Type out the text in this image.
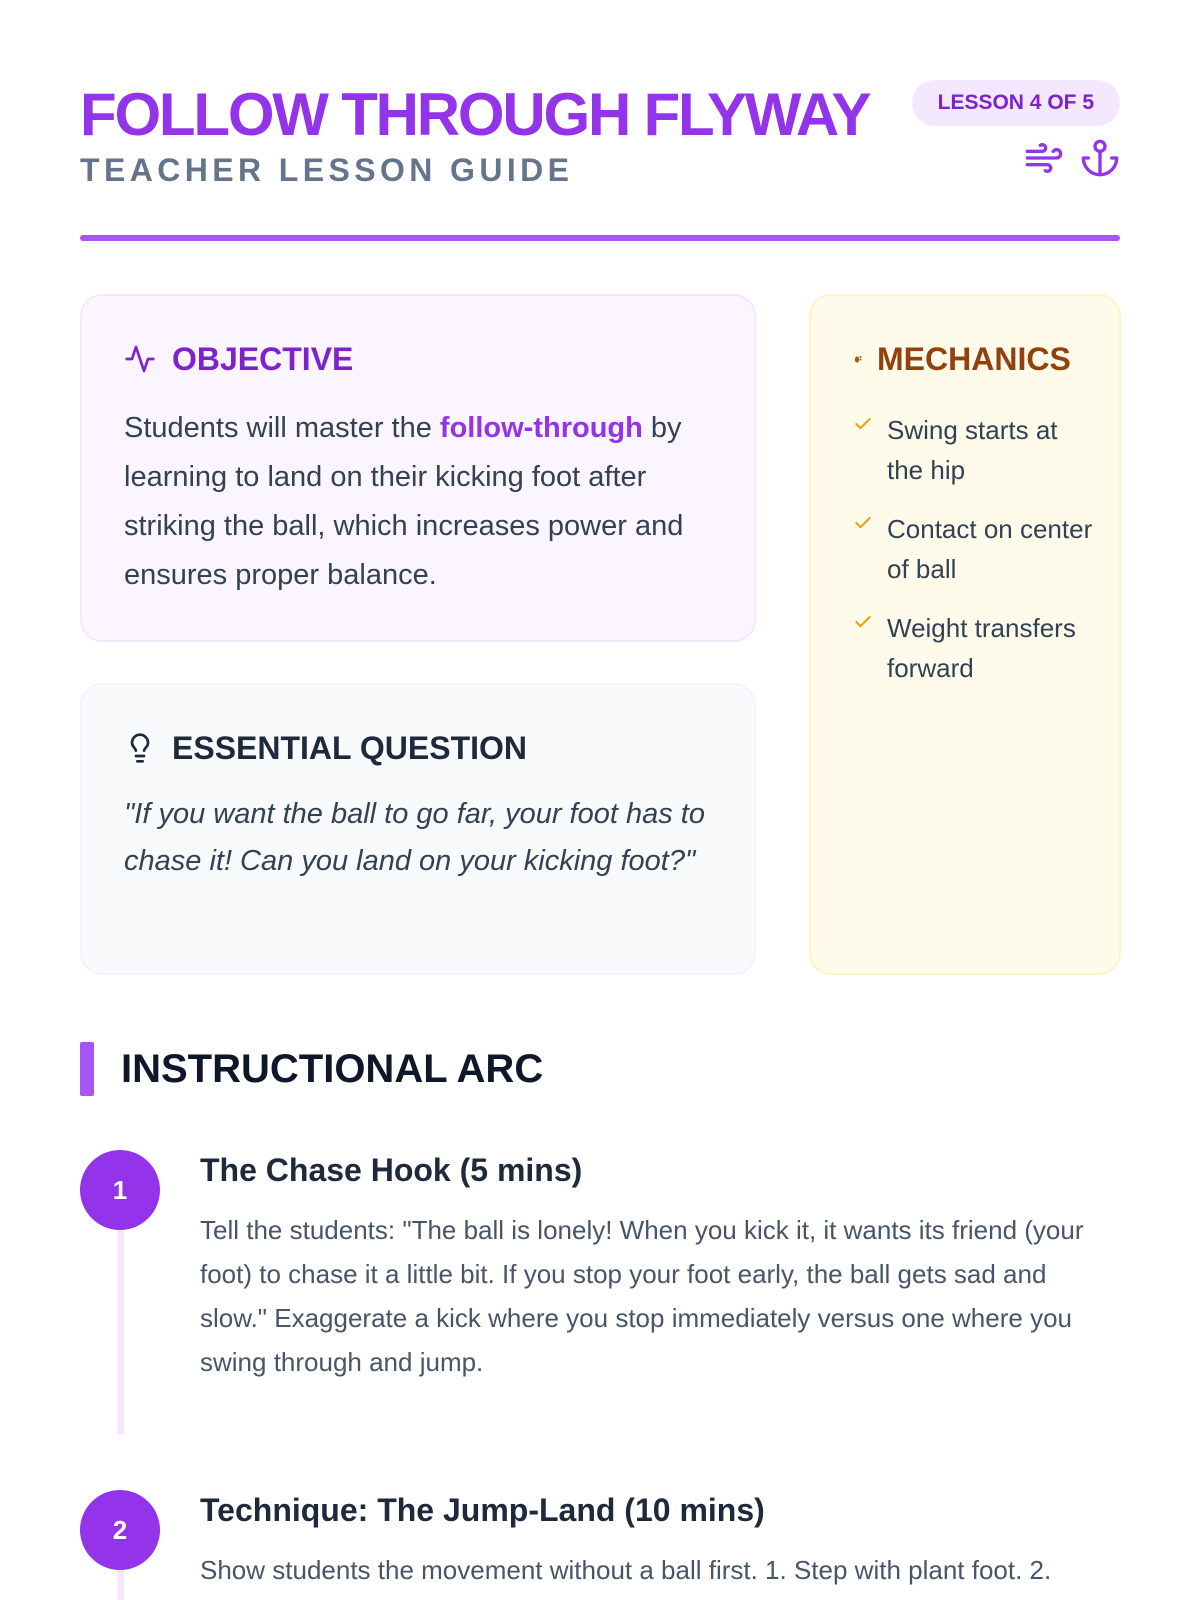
FOLLOW THROUGH FLYWAY
TEACHER LESSON GUIDE
LESSON 4 OF 5
OBJECTIVE

Students will master the follow-through by learning to land on their kicking foot after striking the ball, which increases power and ensures proper balance.

ESSENTIAL QUESTION

"If you want the ball to go far, your foot has to chase it! Can you land on your kicking foot?"

MECHANICS
Swing starts at the hip
Contact on center of ball
Weight transfers forward
INSTRUCTIONAL ARC
1
The Chase Hook (5 mins)

Tell the students: "The ball is lonely! When you kick it, it wants its friend (your foot) to chase it a little bit. If you stop your foot early, the ball gets sad and slow." Exaggerate a kick where you stop immediately versus one where you swing through and jump.

2
Technique: The Jump-Land (10 mins)

Show students the movement without a ball first. 1. Step with plant foot. 2.
